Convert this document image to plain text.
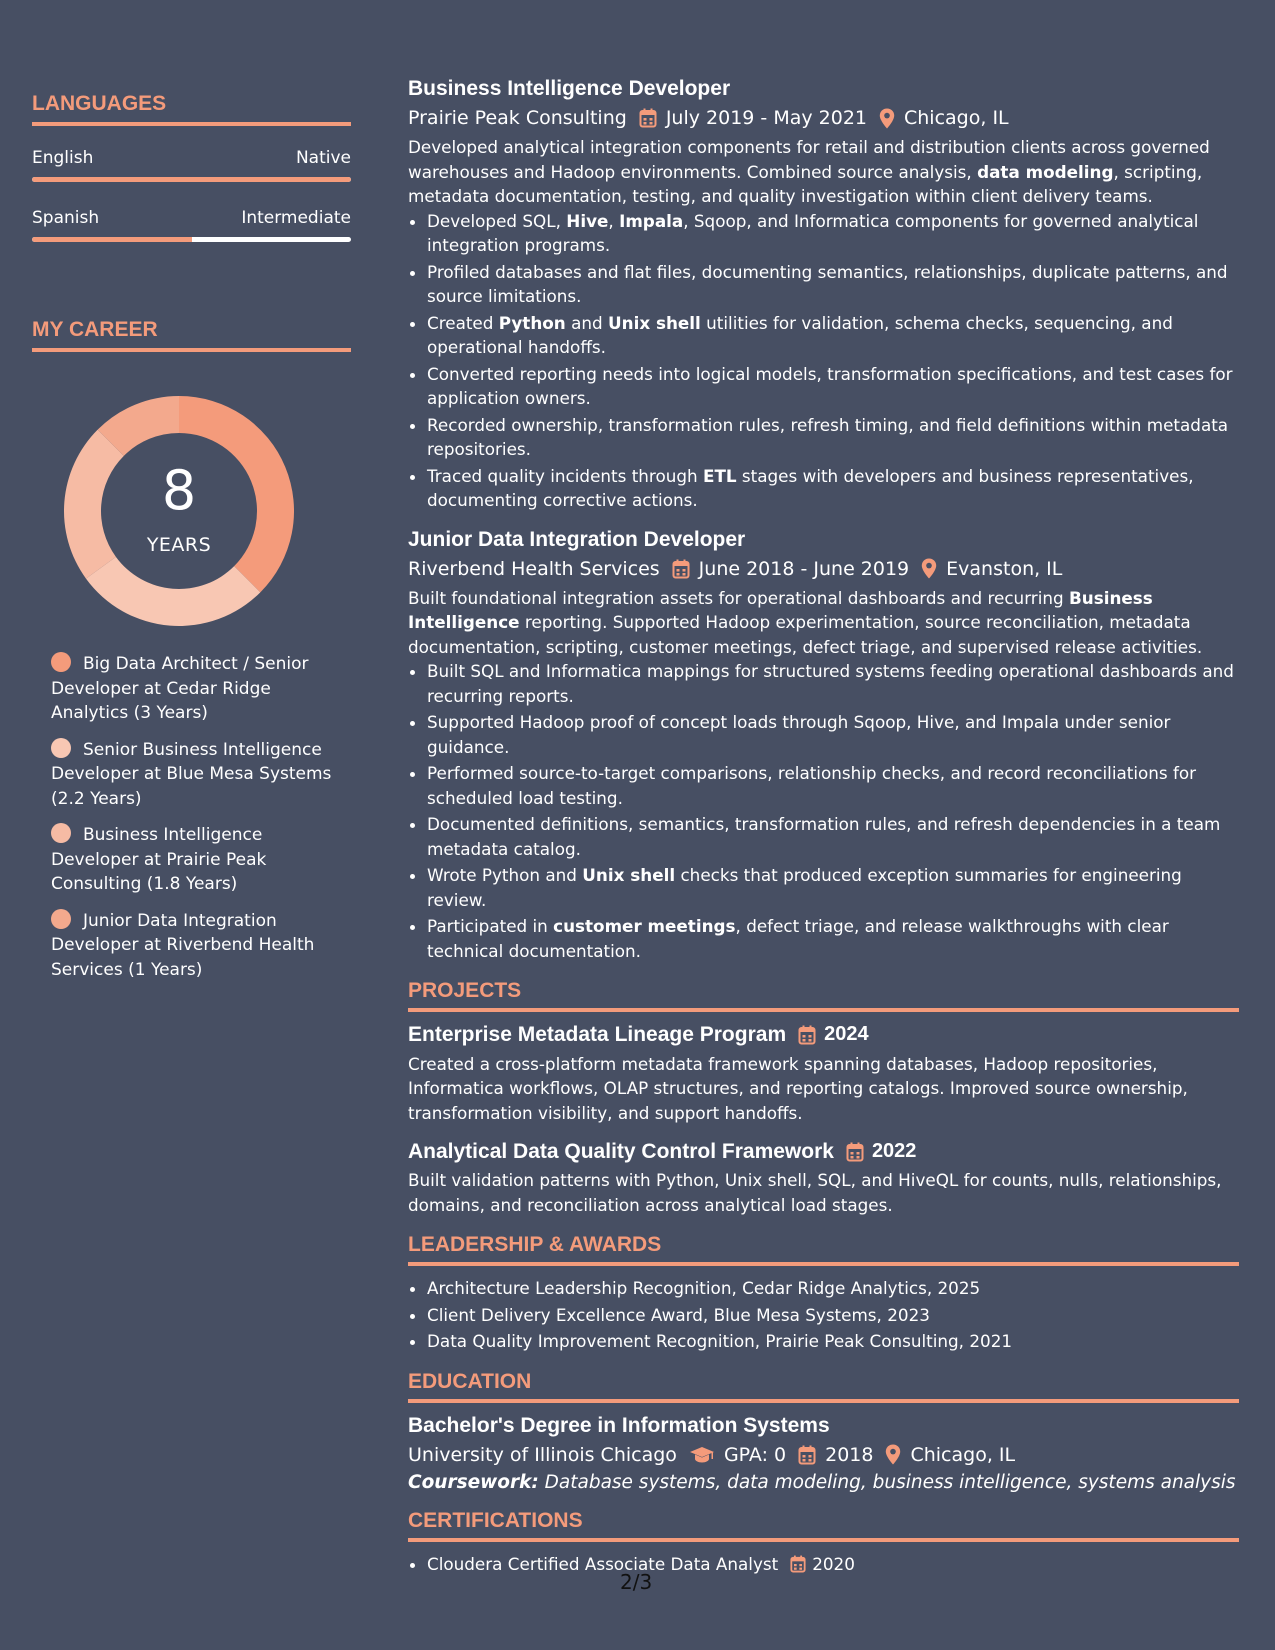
LANGUAGES
English	Native
Spanish	Intermediate
MY CAREER
8
YEARS
Big Data Architect / Senior Developer at Cedar Ridge Analytics (3 Years)
Senior Business Intelligence Developer at Blue Mesa Systems (2.2 Years)
Business Intelligence Developer at Prairie Peak Consulting (1.8 Years)
Junior Data Integration Developer at Riverbend Health Services (1 Years)
Business Intelligence Developer
Prairie Peak Consulting July 2019 - May 2021 Chicago, IL
Developed analytical integration components for retail and distribution clients across governed warehouses and Hadoop environments. Combined source analysis, data modeling, scripting, metadata documentation, testing, and quality investigation within client delivery teams.
• Developed SQL, Hive, Impala, Sqoop, and Informatica components for governed analytical integration programs.
• Profiled databases and flat files, documenting semantics, relationships, duplicate patterns, and source limitations.
• Created Python and Unix shell utilities for validation, schema checks, sequencing, and operational handoffs.
• Converted reporting needs into logical models, transformation specifications, and test cases for application owners.
• Recorded ownership, transformation rules, refresh timing, and field definitions within metadata repositories.
• Traced quality incidents through ETL stages with developers and business representatives, documenting corrective actions.
Junior Data Integration Developer
Riverbend Health Services June 2018 - June 2019 Evanston, IL
Built foundational integration assets for operational dashboards and recurring Business Intelligence reporting. Supported Hadoop experimentation, source reconciliation, metadata documentation, scripting, customer meetings, defect triage, and supervised release activities.
• Built SQL and Informatica mappings for structured systems feeding operational dashboards and recurring reports.
• Supported Hadoop proof of concept loads through Sqoop, Hive, and Impala under senior guidance.
• Performed source-to-target comparisons, relationship checks, and record reconciliations for scheduled load testing.
• Documented definitions, semantics, transformation rules, and refresh dependencies in a team metadata catalog.
• Wrote Python and Unix shell checks that produced exception summaries for engineering review.
• Participated in customer meetings, defect triage, and release walkthroughs with clear technical documentation.
PROJECTS
Enterprise Metadata Lineage Program 2024
Created a cross-platform metadata framework spanning databases, Hadoop repositories, Informatica workflows, OLAP structures, and reporting catalogs. Improved source ownership, transformation visibility, and support handoffs.
Analytical Data Quality Control Framework 2022
Built validation patterns with Python, Unix shell, SQL, and HiveQL for counts, nulls, relationships, domains, and reconciliation across analytical load stages.
LEADERSHIP & AWARDS
• Architecture Leadership Recognition, Cedar Ridge Analytics, 2025
• Client Delivery Excellence Award, Blue Mesa Systems, 2023
• Data Quality Improvement Recognition, Prairie Peak Consulting, 2021
EDUCATION
Bachelor's Degree in Information Systems
University of Illinois Chicago GPA: 0 2018 Chicago, IL
Coursework: Database systems, data modeling, business intelligence, systems analysis
CERTIFICATIONS
• Cloudera Certified Associate Data Analyst 2020
2/3
